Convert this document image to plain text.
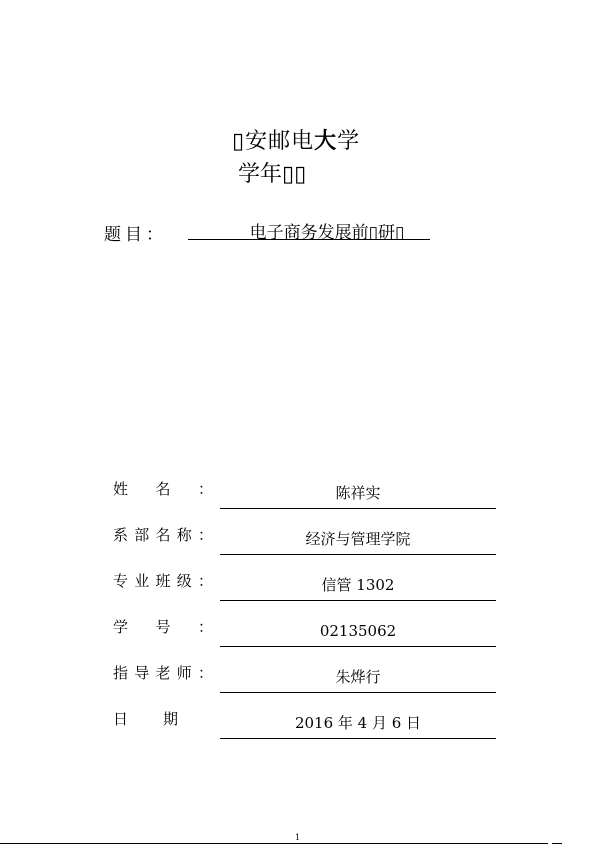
▯安邮电大学
学年▯▯
题目：	电子商务发展前▯研▯
姓 名 ：	陈祥实
系 部 名 称 ：	经济与管理学院
专 业 班 级 ：	信管 1302
学 号 ：	02135062
指 导 老 师 ：	朱烨行
日 期	2016 年 4 月 6 日
1
